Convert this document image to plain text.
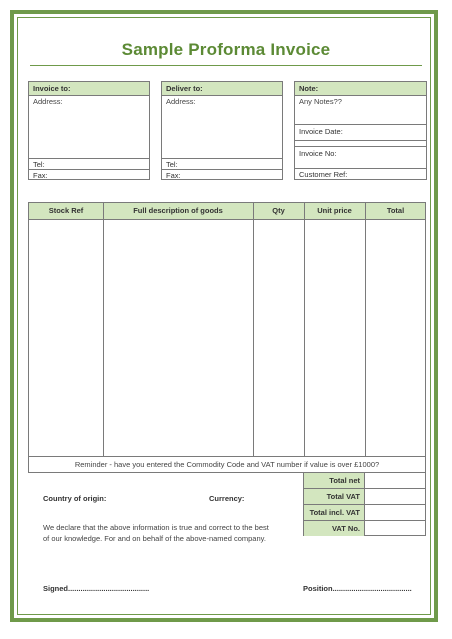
Sample Proforma Invoice
Invoice to:
Address:
Tel:
Fax:
Deliver to:
Address:
Tel:
Fax:
Note:
Any Notes??
Invoice Date:
Invoice No:
Customer Ref:
Stock Ref	Full description of goods	Qty	Unit price	Total
Reminder - have you entered the Commodity Code and VAT number if value is over £1000?
Total net
Total VAT
Total incl. VAT
VAT No.
Country of origin:	Currency:
We declare that the above information is true and correct to the best of our knowledge. For and on behalf of the above-named company.
Signed.......................................	Position......................................
